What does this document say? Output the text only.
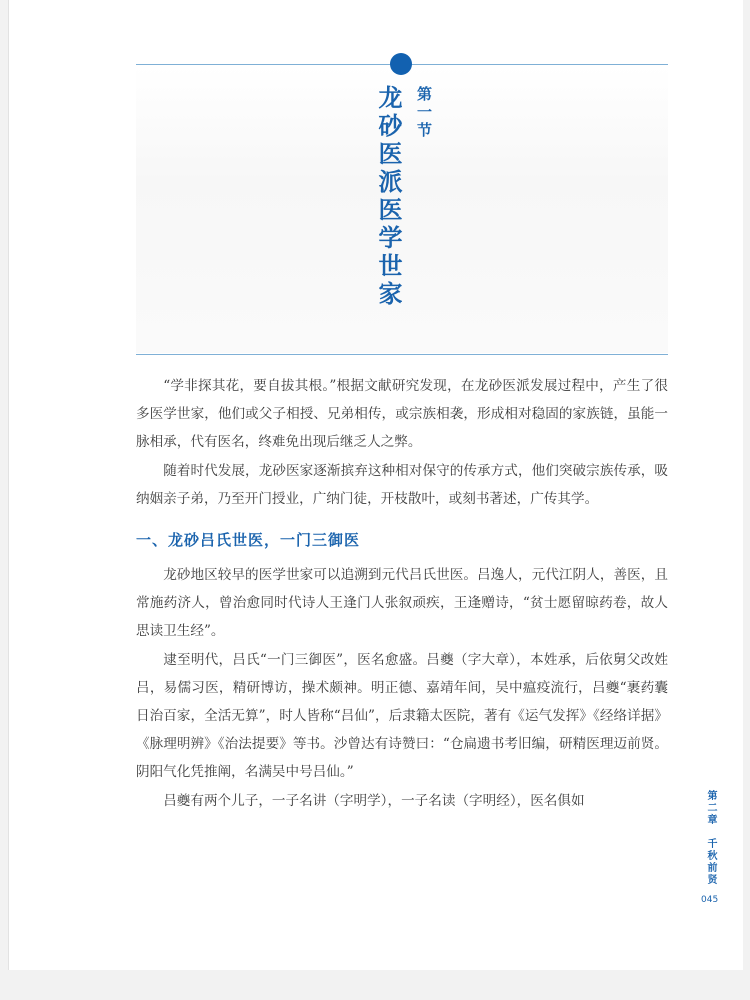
第一节
龙砂医派医学世家

“学非探其花，要自拔其根。”根据文献研究发现，在龙砂医派发展过程中，产生了很多医学世家，他们或父子相授、兄弟相传，或宗族相袭，形成相对稳固的家族链，虽能一脉相承，代有医名，终难免出现后继乏人之弊。

随着时代发展，龙砂医家逐渐摈弃这种相对保守的传承方式，他们突破宗族传承，吸纳姻亲子弟，乃至开门授业，广纳门徒，开枝散叶，或刻书著述，广传其学。

一、龙砂吕氏世医，一门三御医

龙砂地区较早的医学世家可以追溯到元代吕氏世医。吕逸人，元代江阴人，善医，且常施药济人，曾治愈同时代诗人王逢门人张叙顽疾，王逢赠诗，“贫士愿留晾药卷，故人思读卫生经”。

逮至明代，吕氏“一门三御医”，医名愈盛。吕夔（字大章），本姓承，后依舅父改姓吕，易儒习医，精研博访，操术颇神。明正德、嘉靖年间，吴中瘟疫流行，吕夔“裹药囊日治百家，全活无算”，时人皆称“吕仙”，后隶籍太医院，著有《运气发挥》《经络详据》《脉理明辨》《治法提要》等书。沙曾达有诗赞曰：“仓扁遗书考旧编，研精医理迈前贤。阴阳气化凭推阐，名满吴中号吕仙。”

吕夔有两个儿子，一子名讲（字明学），一子名读（字明经），医名俱如	第二章　千秋前贤
045
